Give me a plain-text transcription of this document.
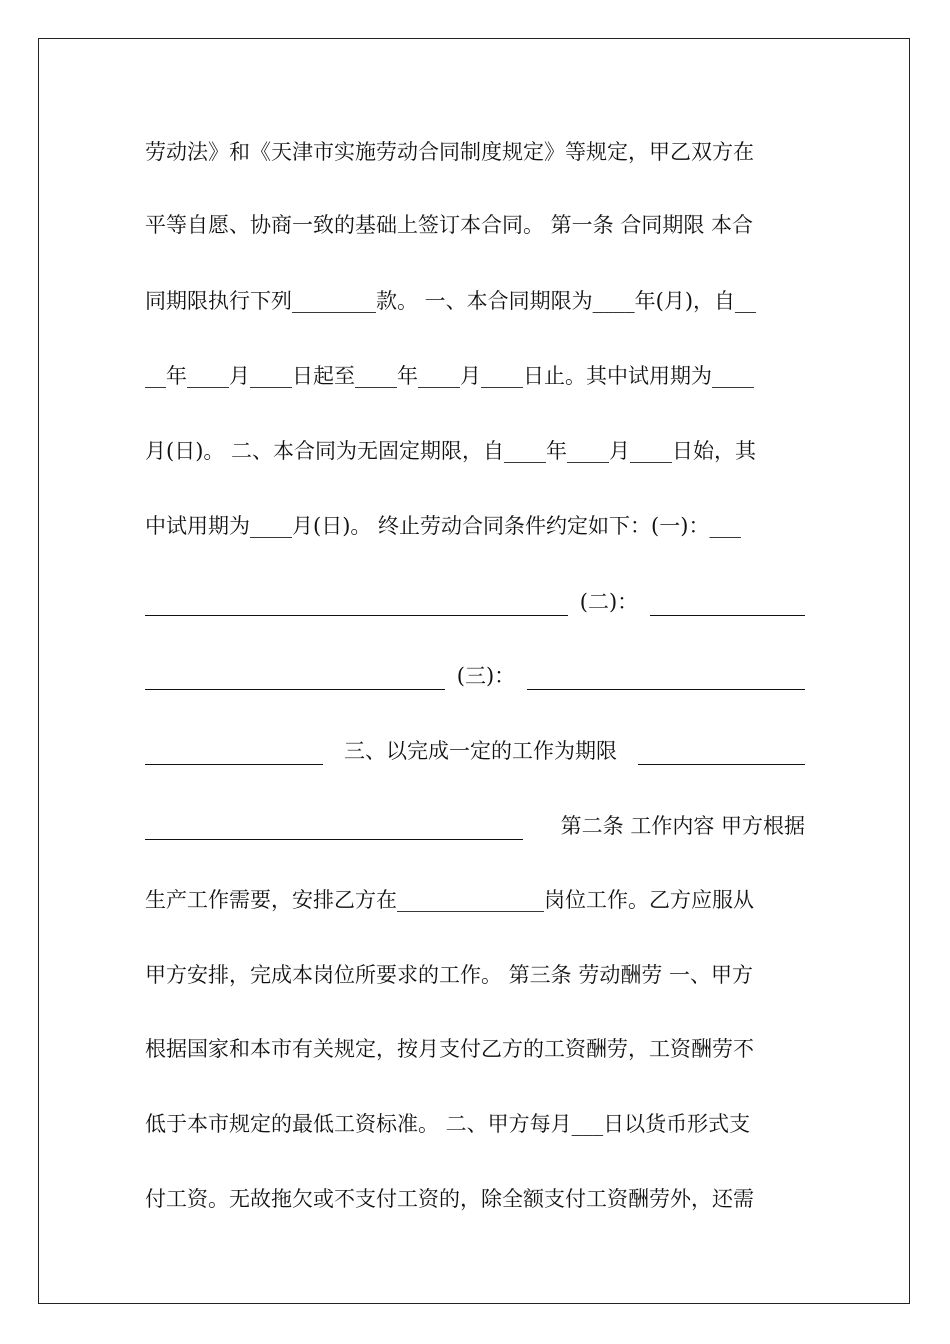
劳动法》和《天津市实施劳动合同制度规定》等规定，甲乙双方在
平等自愿、协商一致的基础上签订本合同。 第一条 合同期限 本合
同期限执行下列________款。 一、本合同期限为____年(月)，自__
__年____月____日起至____年____月____日止。其中试用期为____
月(日)。 二、本合同为无固定期限，自____年____月____日始，其
中试用期为____月(日)。 终止劳动合同条件约定如下：(一)：___
(二)：
(三)：
三、以完成一定的工作为期限
第二条 工作内容 甲方根据
生产工作需要，安排乙方在______________岗位工作。乙方应服从
甲方安排，完成本岗位所要求的工作。 第三条 劳动酬劳 一、甲方
根据国家和本市有关规定，按月支付乙方的工资酬劳，工资酬劳不
低于本市规定的最低工资标准。 二、甲方每月___日以货币形式支
付工资。无故拖欠或不支付工资的，除全额支付工资酬劳外，还需
